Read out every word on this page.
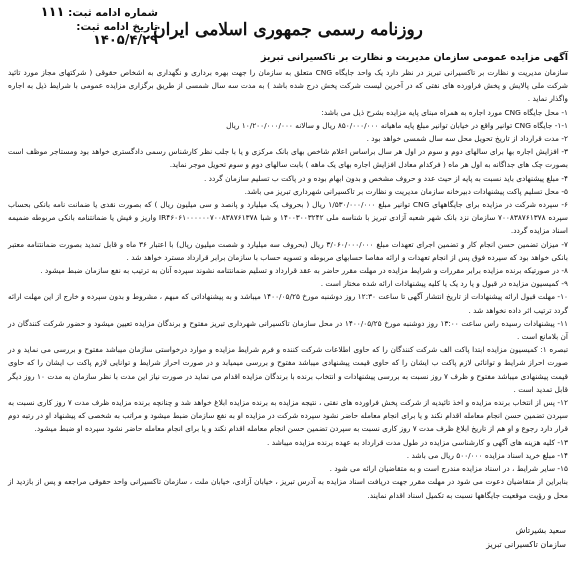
روزنامه رسمی جمهوری اسلامی ایران
شماره ادامه ثبت: ۱۱۱
تاریخ ادامه ثبت: ۱۴۰۵/۴/۲۹
آگهی مزایده عمومی سازمان مدیریت و نظارت بر تاکسیرانی تبریز

سازمان مدیریت و نظارت بر تاکسیرانی تبریز در نظر دارد یک واحد جایگاه CNG متعلق به سازمان را جهت بهره برداری و نگهداری به اشخاص حقوقی ( شرکتهای مجاز مورد تائید شرکت ملی پالایش و پخش فراورده های نفتی که در آخرین لیست شرکت پخش درج شده باشد ) به مدت سه سال شمسی از طریق برگزاری مزایده عمومی با شرایط ذیل به اجاره واگذار نماید .

۱- محل جایگاه CNG مورد اجاره به همراه مبنای پایه مزایده بشرح ذیل می باشد:
۱-۱- جایگاه CNG توانیر واقع در خیابان توانیر مبلغ پایه ماهیانه ۸۵۰/۰۰۰/۰۰۰ ریال و سالانه ۱۰/۲۰۰/۰۰۰/۰۰۰ ریال
۲- مدت قرارداد از تاریخ تحویل محل سه سال شمسی خواهد بود .
۳- افزایش اجاره بها برای سالهای دوم و سوم در اول هر سال براساس اعلام شاخص بهای بانک مرکزی و یا با جلب نظر کارشناس رسمی دادگستری خواهد بود ومستاجر موظف است بصورت چک های جداگانه به اول هر ماه ( فرکدام معادل افزایش اجاره بهای یک ماهه ) بابت سالهای دوم و سوم تحویل موجر نماید.
۴- مبلغ پیشنهادی باید نسبت به پایه از حیث عدد و حروف مشخص و بدون ابهام بوده و در پاکت ب تسلیم سازمان گردد .
۵- محل تسلیم پاکت پیشنهادات دبیرخانه سازمان مدیریت و نظارت بر تاکسیرانی شهرداری تبریز می باشد.
۶- سپرده شرکت در مزایده برای جایگاههای CNG توانیر مبلغ ۱/۵۳۰/۰۰۰/۰۰۰ ریال ( بحروف یک میلیارد و پانصد و سی میلیون ریال ) که بصورت نقدی یا ضمانت نامه بانکی بحساب سپرده ۷۰۰۸۳۸۷۶۱۳۷۸ سازمان نزد بانک شهر شعبه آزادی تبریز با شناسه ملی ۱۴۰۰۳۰۰۳۲۴۲ و شبا IR۴۶۰۶۱۰۰۰۰۰۰۷۰۰۸۳۸۷۶۱۳۷۸ واریز و فیش یا ضمانتنامه بانکی مربوطه ضمیمه اسناد مزایده گردد.
۷- میزان تضمین حسن انجام کار و تضمین اجرای تعهدات مبلغ ۳/۰۶۰/۰۰۰/۰۰۰ ریال (بحروف سه میلیارد و شصت میلیون ریال) با اعتبار ۳۶ ماه و قابل تمدید بصورت ضمانتنامه معتبر بانکی خواهد بود که سپرده فوق پس از انجام تعهدات و ارائه مفاصا حسابهای مربوطه و تسویه حساب با سازمان برابر قرارداد مسترد خواهد شد .
۸- در صورتیکه برنده مزایده برابر مقررات و شرایط مزایده در مهلت مقرر حاضر به عقد قرارداد و تسلیم ضمانتنامه نشوند سپرده آنان به ترتیب به نفع سازمان ضبط میشود .
۹- کمیسیون مزایده در قبول و یا رد یک یا کلیه پیشنهادات ارائه شده مختار است .
۱۰- مهلت قبول ارائه پیشنهادات از تاریخ انتشار آگهی تا ساعت ۱۲:۳۰ روز دوشنبه مورخ ۱۴۰۰/۰۵/۲۵ میباشد و به پیشنهاداتی که مبهم ، مشروط و بدون سپرده و خارج از این مهلت ارائه گردد ترتیب اثر داده نخواهد شد .
۱۱- پیشنهادات رسیده راس ساعت ۱۳:۰۰ روز دوشنبه مورخ ۱۴۰۰/۰۵/۲۵ در محل سازمان تاکسیرانی شهرداری تبریز مفتوح و برندگان مزایده تعیین میشود و حضور شرکت کنندگان در آن بلامانع است .
تبصره ۱: کمیسیون مزایده ابتدا پاکت الف شرکت کنندگان را که حاوی اطلاعات شرکت کننده و فرم شرایط مزایده و موارد درخواستی سازمان میباشد مفتوح و بررسی می نماید و در صورت احراز شرایط و توانائی لازم پاکت ب ایشان را که حاوی قیمت پیشنهادی میباشد مفتوح و بررسی میمیابد و در صورت احراز شرایط و توانایی لازم پاکت ب ایشان را که حاوی قیمت پیشنهادی میباشد مفتوح و ظرف ۷ روز نسبت به بررسی پیشنهادات و انتخاب برنده با برندگان مزایده اقدام می نماید در صورت نیاز این مدت با نظر سازمان به مدت ۱۰ روز دیگر قابل تمدید است .
۱۲- پس از انتخاب برنده مزایده و اخذ تائیدیه از شرکت پخش فراورده های نفتی ، نتیجه مزایده به برنده مزایده ابلاغ خواهد شد و چنانچه برنده مزایده ظرف مدت ۷ روز کاری نسبت به سپردن تضمین حسن انجام معامله اقدام نکند و یا برای انجام معامله حاضر نشود سپرده شرکت در مزایده او به نفع سازمان ضبط میشود و مراتب به شخصی که پیشنهاد او در رتبه دوم قرار دارد رجوع و او هم از تاریخ ابلاغ ظرف مدت ۷ روز کاری نسبت به سپردن تضمین حسن انجام معامله اقدام نکند و یا برای انجام معامله حاضر نشود سپرده او ضبط میشود.
۱۳- کلیه هزینه های آگهی و کارشناسی مزایده در طول مدت قرارداد به عهده برنده مزایده میباشد .
۱۴- مبلغ خرید اسناد مزایده ۵۰۰/۰۰۰ ریال می باشد .
۱۵- سایر شرایط ، در اسناد مزایده مندرج است و به متقاضیان ارائه می شود .
بنابراین از متقاضیان دعوت می شود در مهلت مقرر جهت دریافت اسناد مزایده به آدرس تبریز ، خیابان آزادی، خیابان ملت ، سازمان تاکسیرانی واحد حقوقی مراجعه و پس از بازدید از محل و رؤیت موقعیت جایگاهها نسبت به تکمیل اسناد اقدام نمایند.
سعید بشیرتاش
سازمان تاکسیرانی تبریز
